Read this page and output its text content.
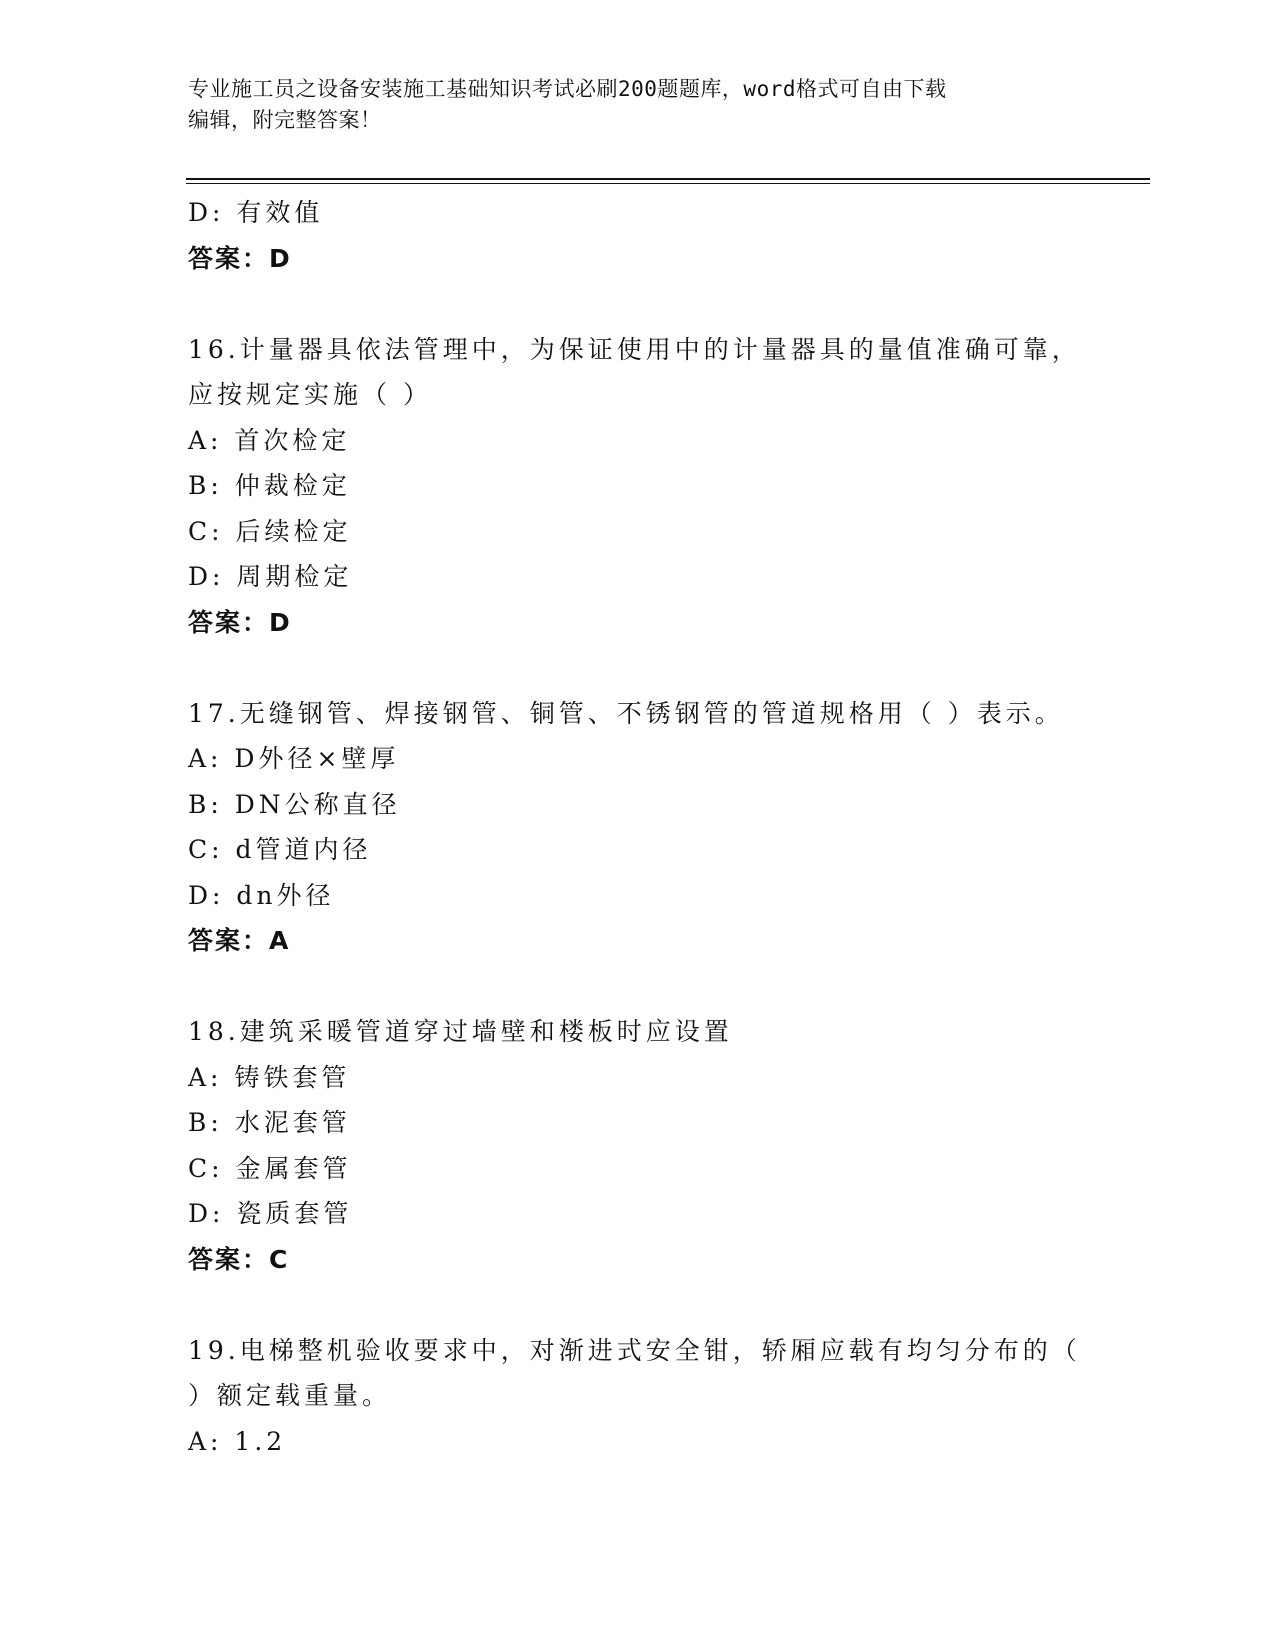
专业施工员之设备安装施工基础知识考试必刷200题题库，word格式可自由下载
编辑，附完整答案！
D: 有效值
答案：D
16.计量器具依法管理中，为保证使用中的计量器具的量值准确可靠，
应按规定实施（ ）
A: 首次检定
B: 仲裁检定
C: 后续检定
D: 周期检定
答案：D
17.无缝钢管、焊接钢管、铜管、不锈钢管的管道规格用（ ）表示。
A: D外径×壁厚
B: DN公称直径
C: d管道内径
D: dn外径
答案：A
18.建筑采暖管道穿过墙壁和楼板时应设置
A: 铸铁套管
B: 水泥套管
C: 金属套管
D: 瓷质套管
答案：C
19.电梯整机验收要求中，对渐进式安全钳，轿厢应载有均匀分布的（
）额定载重量。
A: 1.2
